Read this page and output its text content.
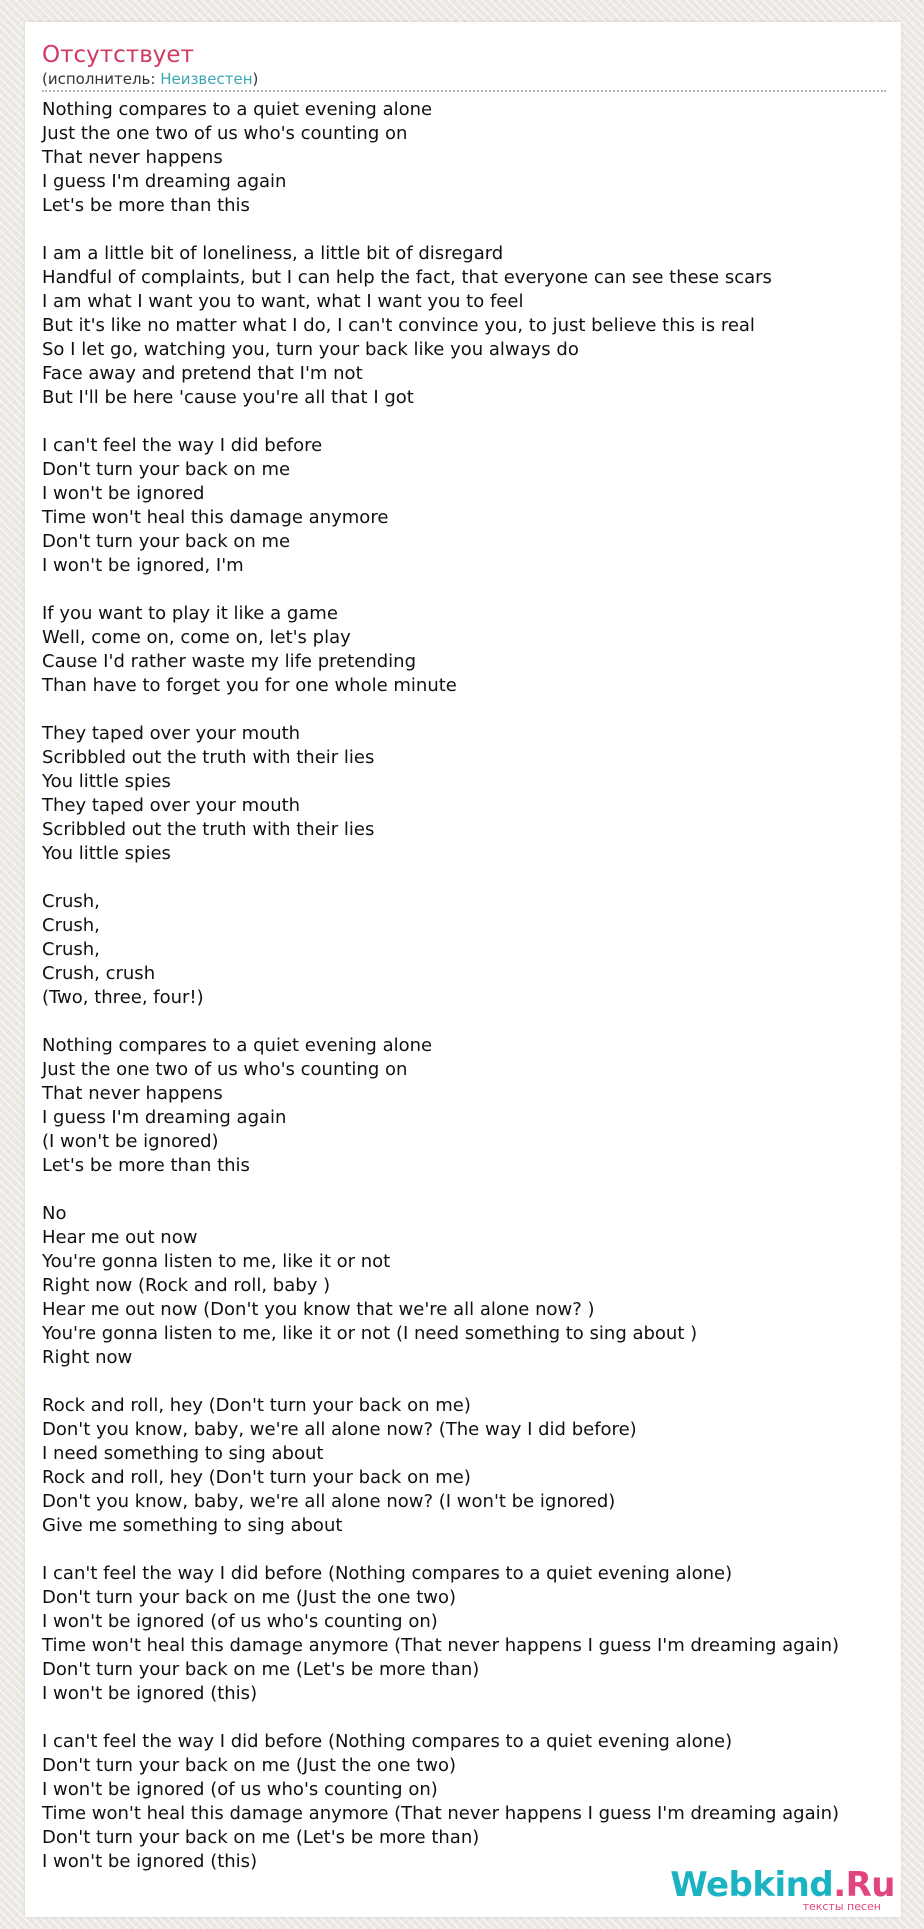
Отсутствует
(исполнитель: Неизвестен)
Nothing compares to a quiet evening alone
Just the one two of us who's counting on
That never happens
I guess I'm dreaming again
Let's be more than this

I am a little bit of loneliness, a little bit of disregard
Handful of complaints, but I can help the fact, that everyone can see these scars
I am what I want you to want, what I want you to feel
But it's like no matter what I do, I can't convince you, to just believe this is real
So I let go, watching you, turn your back like you always do
Face away and pretend that I'm not
But I'll be here 'cause you're all that I got

I can't feel the way I did before
Don't turn your back on me
I won't be ignored
Time won't heal this damage anymore
Don't turn your back on me
I won't be ignored, I'm

If you want to play it like a game
Well, come on, come on, let's play
Cause I'd rather waste my life pretending
Than have to forget you for one whole minute

They taped over your mouth
Scribbled out the truth with their lies
You little spies
They taped over your mouth
Scribbled out the truth with their lies
You little spies

Crush,
Crush,
Crush,
Crush, crush
(Two, three, four!)

Nothing compares to a quiet evening alone
Just the one two of us who's counting on
That never happens
I guess I'm dreaming again
(I won't be ignored)
Let's be more than this

No
Hear me out now
You're gonna listen to me, like it or not
Right now (Rock and roll, baby )
Hear me out now (Don't you know that we're all alone now? )
You're gonna listen to me, like it or not (I need something to sing about )
Right now

Rock and roll, hey (Don't turn your back on me)
Don't you know, baby, we're all alone now? (The way I did before)
I need something to sing about
Rock and roll, hey (Don't turn your back on me)
Don't you know, baby, we're all alone now? (I won't be ignored)
Give me something to sing about

I can't feel the way I did before (Nothing compares to a quiet evening alone)
Don't turn your back on me (Just the one two)
I won't be ignored (of us who's counting on)
Time won't heal this damage anymore (That never happens I guess I'm dreaming again)
Don't turn your back on me (Let's be more than)
I won't be ignored (this)

I can't feel the way I did before (Nothing compares to a quiet evening alone)
Don't turn your back on me (Just the one two)
I won't be ignored (of us who's counting on)
Time won't heal this damage anymore (That never happens I guess I'm dreaming again)
Don't turn your back on me (Let's be more than)
I won't be ignored (this)
Webkind.Ru
тексты песен
